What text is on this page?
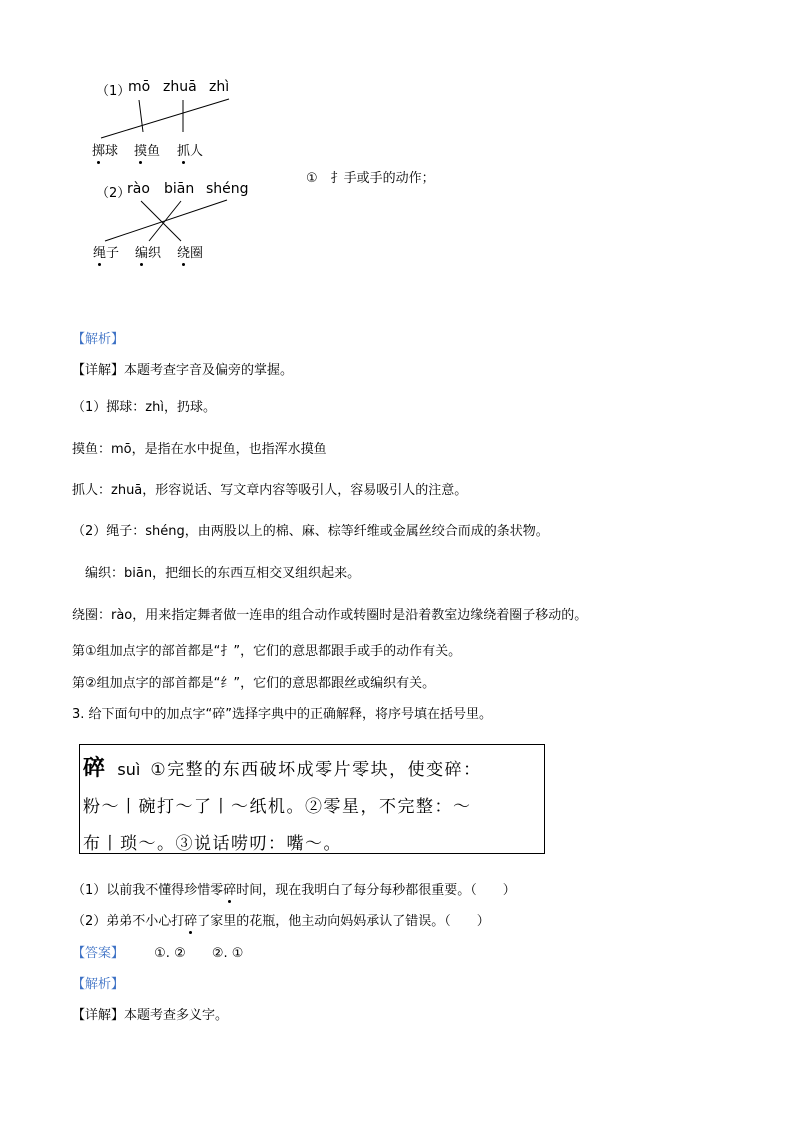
（1）
mō zhuā zhì
掷球 摸鱼 抓人
（2）
rào biān shéng
绳子 编织 绕圈
①　扌手或手的动作；
【解析】
【详解】本题考查字音及偏旁的掌握。
（1）掷球：zhì，扔球。
摸鱼：mō，是指在水中捉鱼，也指浑水摸鱼
抓人：zhuā，形容说话、写文章内容等吸引人，容易吸引人的注意。
（2）绳子：shéng，由两股以上的棉、麻、棕等纤维或金属丝绞合而成的条状物。
　编织：biān，把细长的东西互相交叉组织起来。
绕圈：rào，用来指定舞者做一连串的组合动作或转圈时是沿着教室边缘绕着圈子移动的。
第①组加点字的部首都是“扌”，它们的意思都跟手或手的动作有关。
第②组加点字的部首都是“纟”，它们的意思都跟丝或编织有关。
3. 给下面句中的加点字“碎”选择字典中的正确解释，将序号填在括号里。
碎 suì ①完整的东西破坏成零片零块，使变碎：
粉～丨碗打～了丨～纸机。②零星，不完整：～
布丨琐～。③说话唠叨：嘴～。
（1）以前我不懂得珍惜零碎时间，现在我明白了每分每秒都很重要。（　　）
（2）弟弟不小心打碎了家里的花瓶，他主动向妈妈承认了错误。（　　）
【答案】 ①. ② ②. ①
【解析】
【详解】本题考查多义字。
